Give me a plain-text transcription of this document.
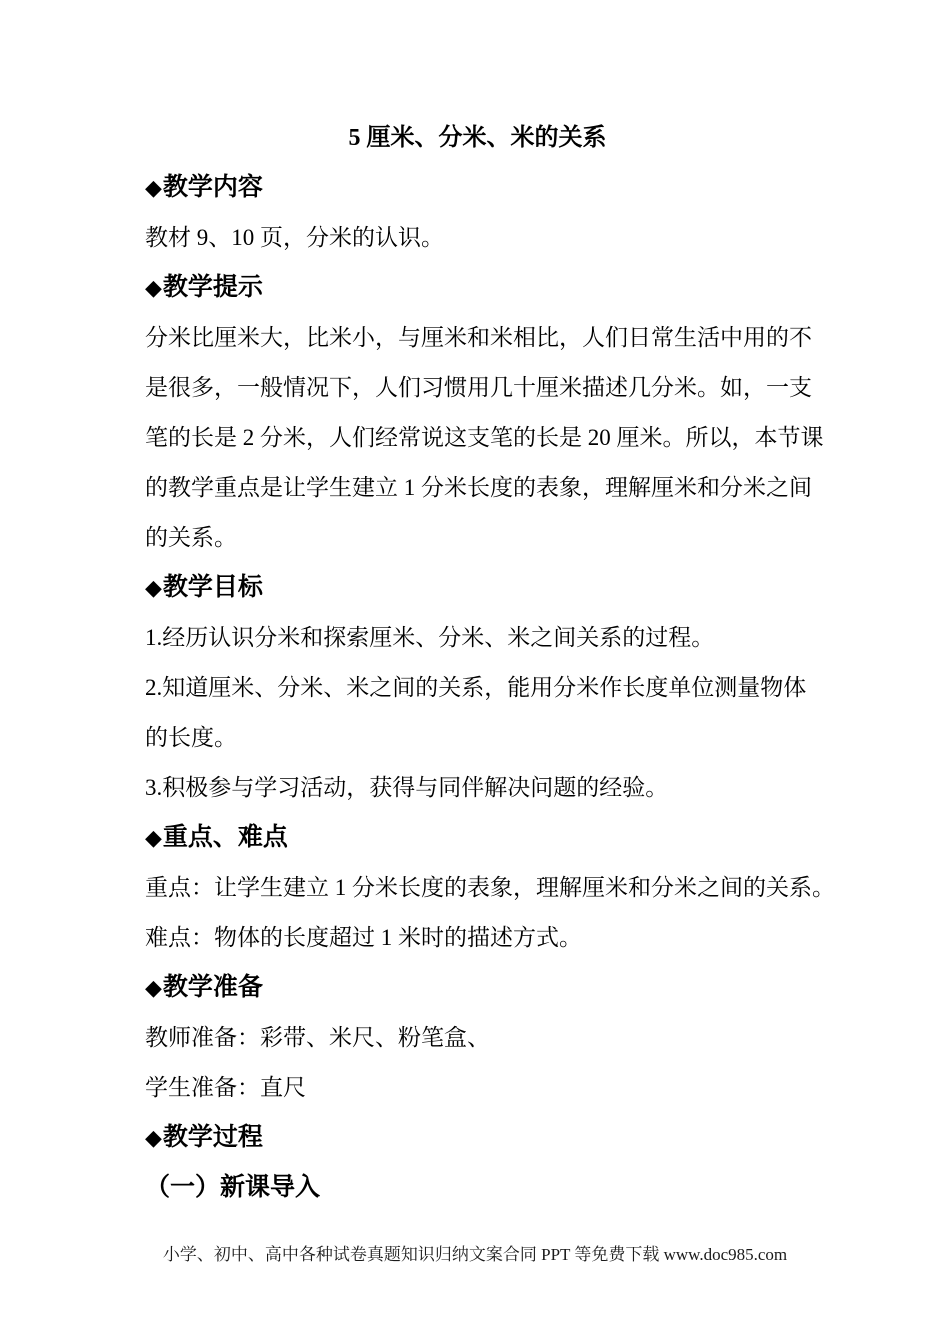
5 厘米、分米、米的关系
◆教学内容
教材 9、10 页，分米的认识。
◆教学提示
分米比厘米大，比米小，与厘米和米相比，人们日常生活中用的不
是很多，一般情况下，人们习惯用几十厘米描述几分米。如，一支
笔的长是 2 分米，人们经常说这支笔的长是 20 厘米。所以，本节课
的教学重点是让学生建立 1 分米长度的表象，理解厘米和分米之间
的关系。
◆教学目标
1.经历认识分米和探索厘米、分米、米之间关系的过程。
2.知道厘米、分米、米之间的关系，能用分米作长度单位测量物体
的长度。
3.积极参与学习活动，获得与同伴解决问题的经验。
◆重点、难点
重点：让学生建立 1 分米长度的表象，理解厘米和分米之间的关系。
难点：物体的长度超过 1 米时的描述方式。
◆教学准备
教师准备：彩带、米尺、粉笔盒、
学生准备：直尺
◆教学过程
（一）新课导入
小学、初中、高中各种试卷真题知识归纳文案合同 PPT 等免费下载 www.doc985.com
